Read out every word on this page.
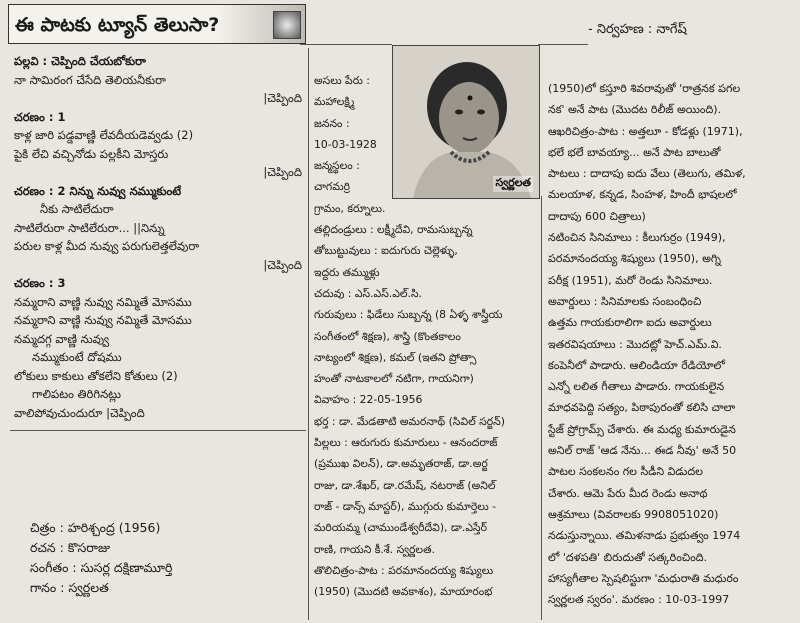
ఈ పాటకు ట్యూన్ తెలుసా?	- నిర్వహణ : నాగేష్
పల్లవి : చెప్పింది చేయబోకురా
నా సామిరంగ చేసేది తెలియనీకురా
|చెప్పింది
చరణం : 1
కాళ్ల జారి పడ్డవాణ్ణి లేవదీయడెవ్వడు (2)
పైకి లేచి వచ్చినోడు పల్లకీని మోస్తరు
|చెప్పింది
చరణం : 2 నిన్ను నువ్వు నమ్ముకుంటే
నీకు సాటిలేదురా
సాటిలేరురా సాటిలేరురా... ||నిన్ను
పరుల కాళ్ల మీద నువ్వు పరుగులెత్తలేవురా
|చెప్పింది
చరణం : 3
నమ్మరాని వాణ్ణి నువ్వు నమ్మితే మోసము
నమ్మరాని వాణ్ణి నువ్వు నమ్మితే మోసము
నమ్మదగ్గ వాణ్ణి నువ్వు
నమ్ముకుంటే దోషము
లోకులు కాకులు తోకలేని కోతులు (2)
గాలిపటం తిరిగినట్లు
వాలిపోవుచుందురూ |చెప్పింది
చిత్రం : హరిశ్చంద్ర (1956)
రచన : కొసరాజు
సంగీతం : సుసర్ల దక్షిణామూర్తి
గానం : స్వర్ణలత
అసలు పేరు :
మహాలక్ష్మి
జననం :
10-03-1928
జన్మస్థలం :
చాగమర్రి
గ్రామం, కర్నూలు.
తల్లిదండ్రులు : లక్ష్మీదేవి, రామసుబ్బన్న
తోబుట్టువులు : ఐదుగురు చెల్లెళ్ళు,
ఇద్దరు తమ్ముళ్లు
చదువు : ఎస్.ఎస్.ఎల్.సి.
గురువులు : ఫిడేలు సుబ్బన్న (8 ఏళ్ళ శాస్త్రీయ
సంగీతంలో శిక్షణ), శాస్త్రి (కొంతకాలం
నాట్యంలో శిక్షణ), కమల్ (ఇతని ప్రోత్సా
హంతో నాటకాలలో నటిగా, గాయనిగా)
వివాహం : 22-05-1956
భర్త : డా. మేడతాటి అమరనాథ్ (సివిల్ సర్జన్)
పిల్లలు : ఆరుగురు కుమారులు - ఆనందరాజ్
(ప్రముఖ విలన్), డా.అమృతరాజ్, డా.అర్జ
రాజు, డా.శేఖర్, డా.రమేష్, నటరాజ్ (అనిల్
రాజ్ - డాన్స్ మాస్టర్), ముగ్గురు కుమార్తెలు -
మరియమ్మ (చాముండేశ్వరీదేవి), డా.ఎస్తేర్
రాణి, గాయని కీ.శే. స్వర్ణలత.
తొలిచిత్రం-పాట : పరమానందయ్య శిష్యులు
(1950) (మొదటి అవకాశం), మాయారంభ
స్వర్ణలత
(1950)లో కస్తూరి శివరావుతో 'రాత్రనక పగల
నక' అనే పాట (మొదట రిలీజ్ అయింది).
ఆఖరిచిత్రం-పాట : అత్తలూ - కోడళ్లు (1971),
భలే భలే బావయ్యా... అనే పాట బాలుతో
పాటలు : దాదాపు ఐదు వేలు (తెలుగు, తమిళ,
మలయాళ, కన్నడ, సింహళ, హిందీ భాషలలో
దాదాపు 600 చిత్రాలు)
నటించిన సినిమాలు : కీలుగుర్రం (1949),
పరమానందయ్య శిష్యులు (1950), అగ్ని
పరీక్ష (1951), మరో రెండు సినిమాలు.
అవార్డులు : సినిమాలకు సంబంధించి
ఉత్తమ గాయకురాలిగా ఐదు అవార్డులు
ఇతరవిషయాలు : మొదట్లో హెచ్.ఎమ్.వి.
కంపెనీలో పాడారు. ఆలిండియా రేడియోలో
ఎన్నో లలిత గీతాలు పాడారు. గాయకులైన
మాధవపెద్ది సత్యం, పిఠాపురంతో కలిసి చాలా
స్టేజ్ ప్రోగ్రామ్స్ చేశారు. ఈ మధ్య కుమారుడైన
అనిల్ రాజ్ 'ఆడ నేను... ఈడ నీవు' అనే 50
పాటల సంకలనం గల సీడీని విడుదల
చేశారు. ఆమె పేరు మీద రెండు అనాథ
ఆశ్రమాలు (వివరాలకు 9908051020)
నడుస్తున్నాయి. తమిళనాడు ప్రభుత్వం 1974
లో 'దళపతి' బిరుదుతో సత్కరించింది.
హాస్యగీతాల స్పెషలిస్టుగా 'మధురాతి మధురం
స్వర్ణలత స్వరం'. మరణం : 10-03-1997
